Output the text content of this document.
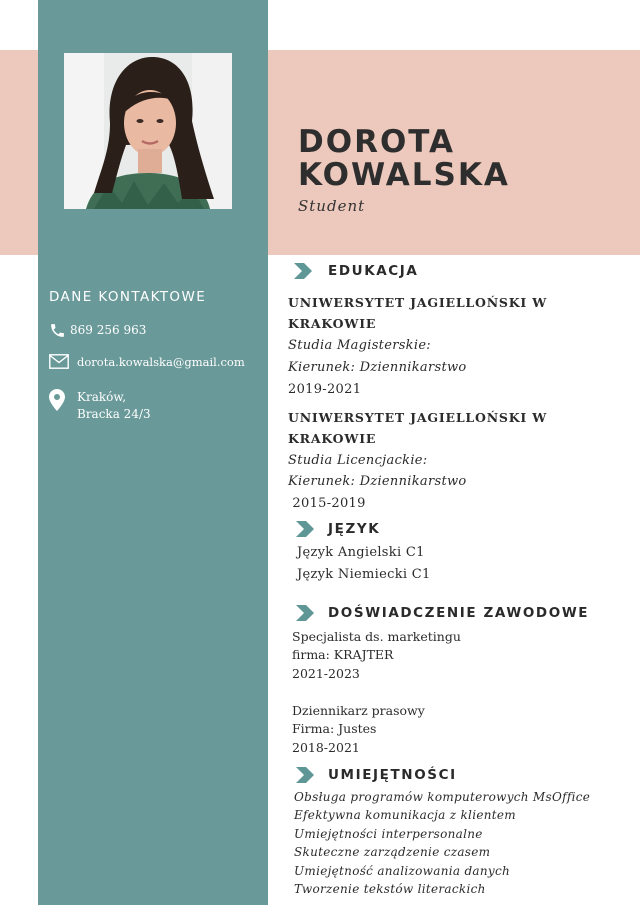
DOROTA
KOWALSKA
Student
DANE KONTAKTOWE
869 256 963
dorota.kowalska@gmail.com
Kraków,
Bracka 24/3
EDUKACJA
UNIWERSYTET JAGIELLOŃSKI W
KRAKOWIE
Studia Magisterskie:
Kierunek: Dziennikarstwo
2019-2021
UNIWERSYTET JAGIELLOŃSKI W
KRAKOWIE
Studia Licencjackie:
Kierunek: Dziennikarstwo
2015-2019
JĘZYK
Język Angielski C1
Język Niemiecki C1
DOŚWIADCZENIE ZAWODOWE
Specjalista ds. marketingu
firma: KRAJTER
2021-2023
Dziennikarz prasowy
Firma: Justes
2018-2021
UMIEJĘTNOŚCI
Obsługa programów komputerowych MsOffice
Efektywna komunikacja z klientem
Umiejętności interpersonalne
Skuteczne zarządzenie czasem
Umiejętność analizowania danych
Tworzenie tekstów literackich
